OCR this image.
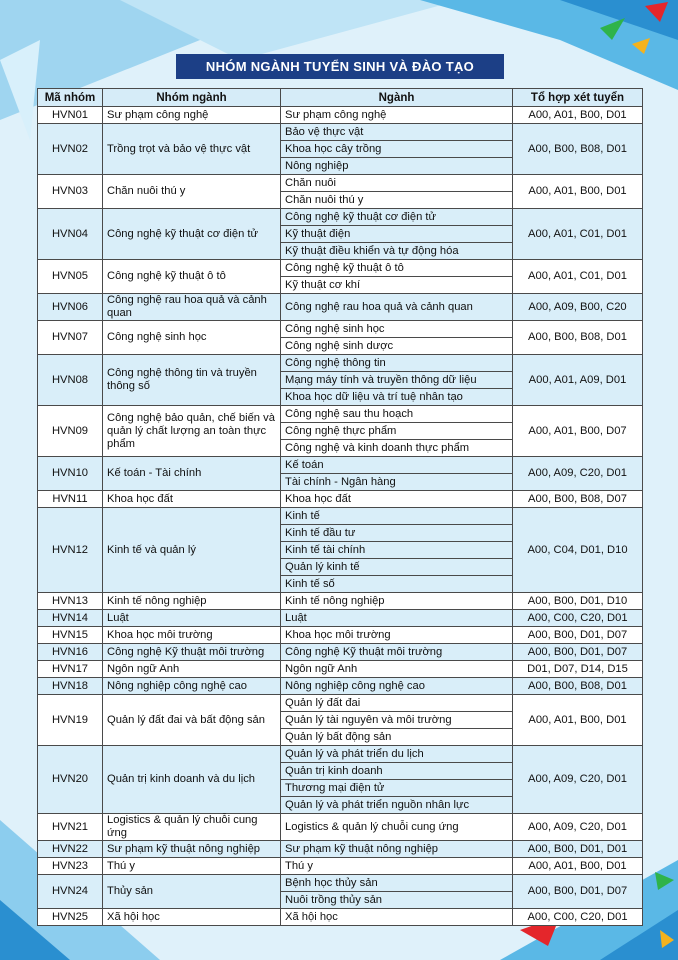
NHÓM NGÀNH TUYỂN SINH VÀ ĐÀO TẠO
Mã nhóm	Nhóm ngành	Ngành	Tổ hợp xét tuyển
HVN01	Sư phạm công nghệ	Sư phạm công nghệ	A00, A01, B00, D01
HVN02	Trồng trọt và bảo vệ thực vật	Bảo vệ thực vật	A00, B00, B08, D01
		Khoa học cây trồng	
		Nông nghiệp	
HVN03	Chăn nuôi thú y	Chăn nuôi	A00, A01, B00, D01
		Chăn nuôi thú y	
HVN04	Công nghệ kỹ thuật cơ điện tử	Công nghệ kỹ thuật cơ điện tử	A00, A01, C01, D01
		Kỹ thuật điện	
		Kỹ thuật điều khiển và tự động hóa	
HVN05	Công nghệ kỹ thuật ô tô	Công nghệ kỹ thuật ô tô	A00, A01, C01, D01
		Kỹ thuật cơ khí	
HVN06	Công nghệ rau hoa quả và cảnh quan	Công nghệ rau hoa quả và cảnh quan	A00, A09, B00, C20
HVN07	Công nghệ sinh học	Công nghệ sinh học	A00, B00, B08, D01
		Công nghệ sinh dược	
HVN08	Công nghệ thông tin và truyền thông số	Công nghệ thông tin	A00, A01, A09, D01
		Mạng máy tính và truyền thông dữ liệu	
		Khoa học dữ liệu và trí tuệ nhân tạo	
HVN09	Công nghệ bảo quản, chế biến và quản lý chất lượng an toàn thực phẩm	Công nghệ sau thu hoạch	A00, A01, B00, D07
		Công nghệ thực phẩm	
		Công nghệ và kinh doanh thực phẩm	
HVN10	Kế toán - Tài chính	Kế toán	A00, A09, C20, D01
		Tài chính - Ngân hàng	
HVN11	Khoa học đất	Khoa học đất	A00, B00, B08, D07
HVN12	Kinh tế và quản lý	Kinh tế	A00, C04, D01, D10
		Kinh tế đầu tư	
		Kinh tế tài chính	
		Quản lý kinh tế	
		Kinh tế số	
HVN13	Kinh tế nông nghiệp	Kinh tế nông nghiệp	A00, B00, D01, D10
HVN14	Luật	Luật	A00, C00, C20, D01
HVN15	Khoa học môi trường	Khoa học môi trường	A00, B00, D01, D07
HVN16	Công nghệ Kỹ thuật môi trường	Công nghệ Kỹ thuật môi trường	A00, B00, D01, D07
HVN17	Ngôn ngữ Anh	Ngôn ngữ Anh	D01, D07, D14, D15
HVN18	Nông nghiệp công nghệ cao	Nông nghiệp công nghệ cao	A00, B00, B08, D01
HVN19	Quản lý đất đai và bất động sản	Quản lý đất đai	A00, A01, B00, D01
		Quản lý tài nguyên và môi trường	
		Quản lý bất động sản	
HVN20	Quản trị kinh doanh và du lịch	Quản lý và phát triển du lịch	A00, A09, C20, D01
		Quản trị kinh doanh	
		Thương mại điện tử	
		Quản lý và phát triển nguồn nhân lực	
HVN21	Logistics & quản lý chuỗi cung ứng	Logistics & quản lý chuỗi cung ứng	A00, A09, C20, D01
HVN22	Sư phạm kỹ thuật nông nghiệp	Sư phạm kỹ thuật nông nghiệp	A00, B00, D01, D01
HVN23	Thú y	Thú y	A00, A01, B00, D01
HVN24	Thủy sản	Bệnh học thủy sản	A00, B00, D01, D07
		Nuôi trồng thủy sản	
HVN25	Xã hội học	Xã hội học	A00, C00, C20, D01
